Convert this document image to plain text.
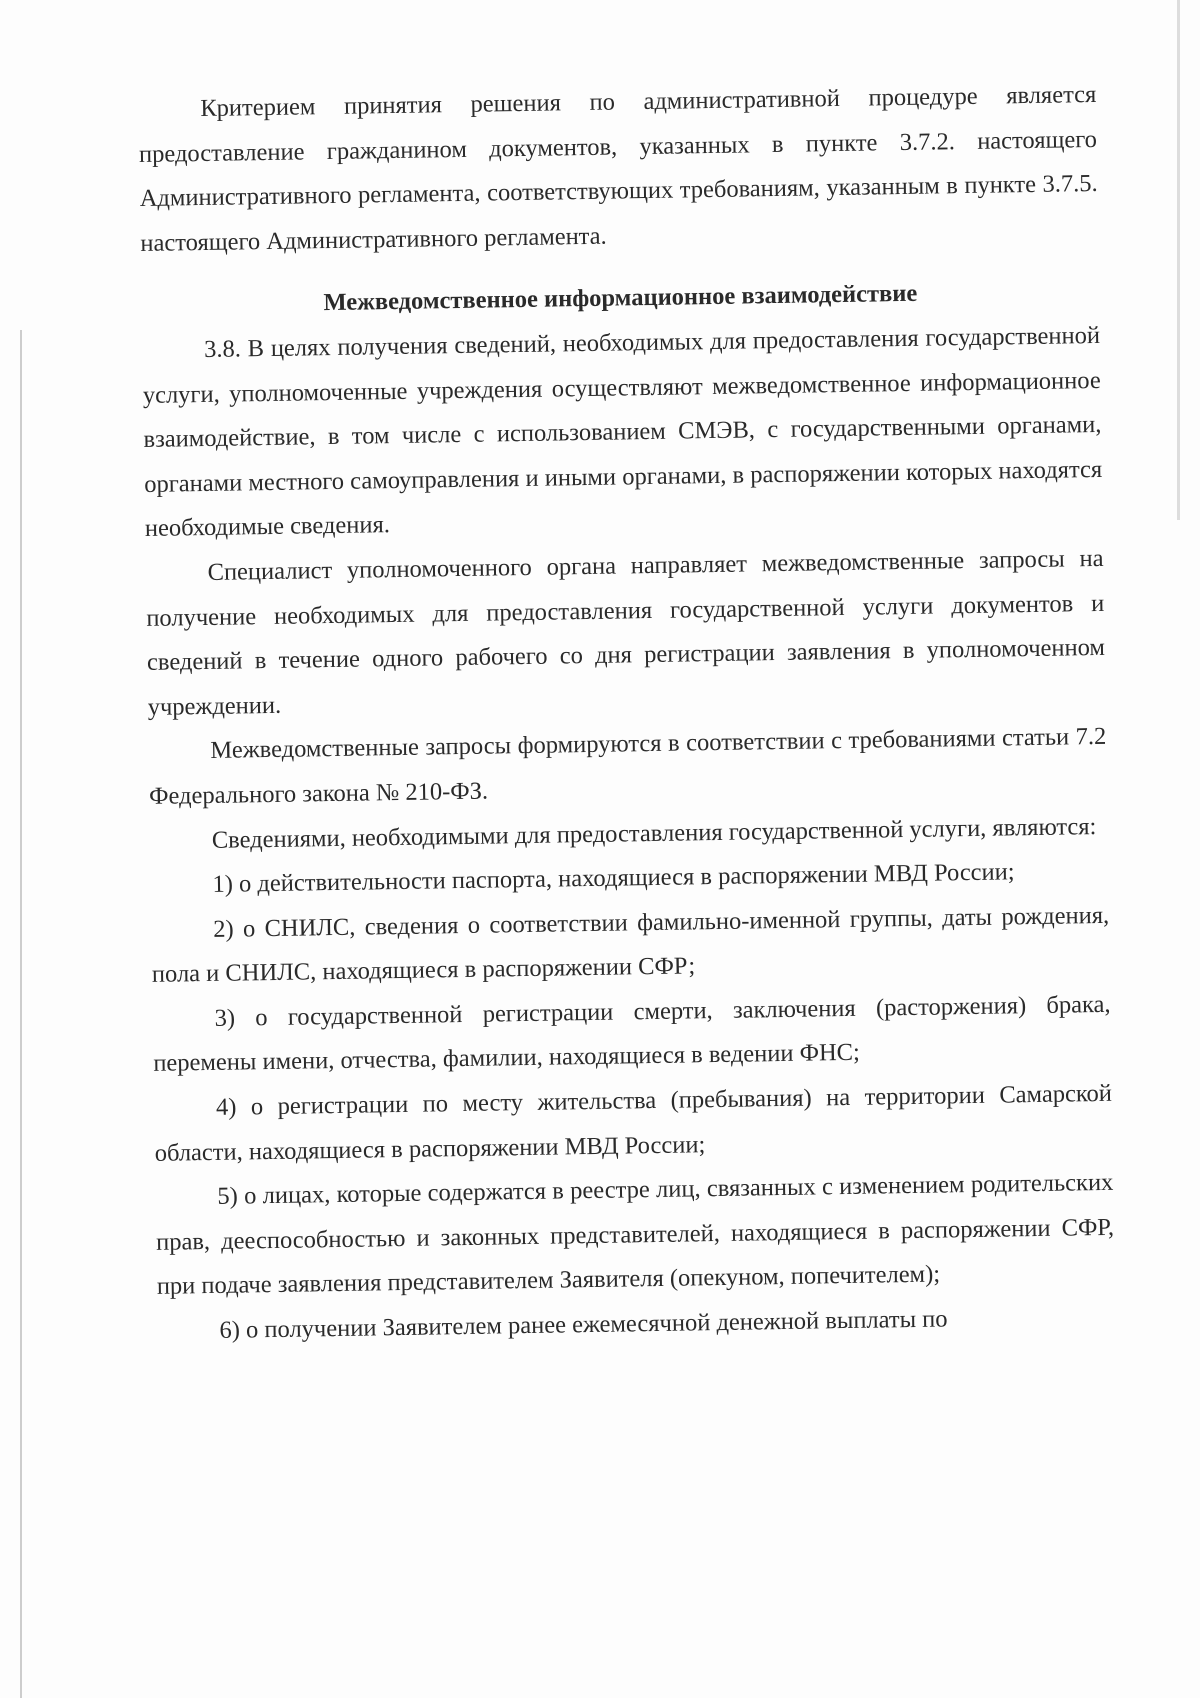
Критерием принятия решения по административной процедуре является предоставление гражданином документов, указанных в пункте 3.7.2. настоящего Административного регламента, соответствующих требованиям, указанным в пункте 3.7.5. настоящего Административного регламента.

Межведомственное информационное взаимодействие

3.8. В целях получения сведений, необходимых для предоставления государственной услуги, уполномоченные учреждения осуществляют межведомственное информационное взаимодействие, в том числе с использованием СМЭВ, с государственными органами, органами местного самоуправления и иными органами, в распоряжении которых находятся необходимые сведения.

Специалист уполномоченного органа направляет межведомственные запросы на получение необходимых для предоставления государственной услуги документов и сведений в течение одного рабочего со дня регистрации заявления в уполномоченном учреждении.

Межведомственные запросы формируются в соответствии с требованиями статьи 7.2 Федерального закона № 210-ФЗ.

Сведениями, необходимыми для предоставления государственной услуги, являются:

1) о действительности паспорта, находящиеся в распоряжении МВД России;

2) о СНИЛС, сведения о соответствии фамильно-именной группы, даты рождения, пола и СНИЛС, находящиеся в распоряжении СФР;

3) о государственной регистрации смерти, заключения (расторжения) брака, перемены имени, отчества, фамилии, находящиеся в ведении ФНС;

4) о регистрации по месту жительства (пребывания) на территории Самарской области, находящиеся в распоряжении МВД России;

5) о лицах, которые содержатся в реестре лиц, связанных с изменением родительских прав, дееспособностью и законных представителей, находящиеся в распоряжении СФР, при подаче заявления представителем Заявителя (опекуном, попечителем);

6) о получении Заявителем ранее ежемесячной денежной выплаты по
